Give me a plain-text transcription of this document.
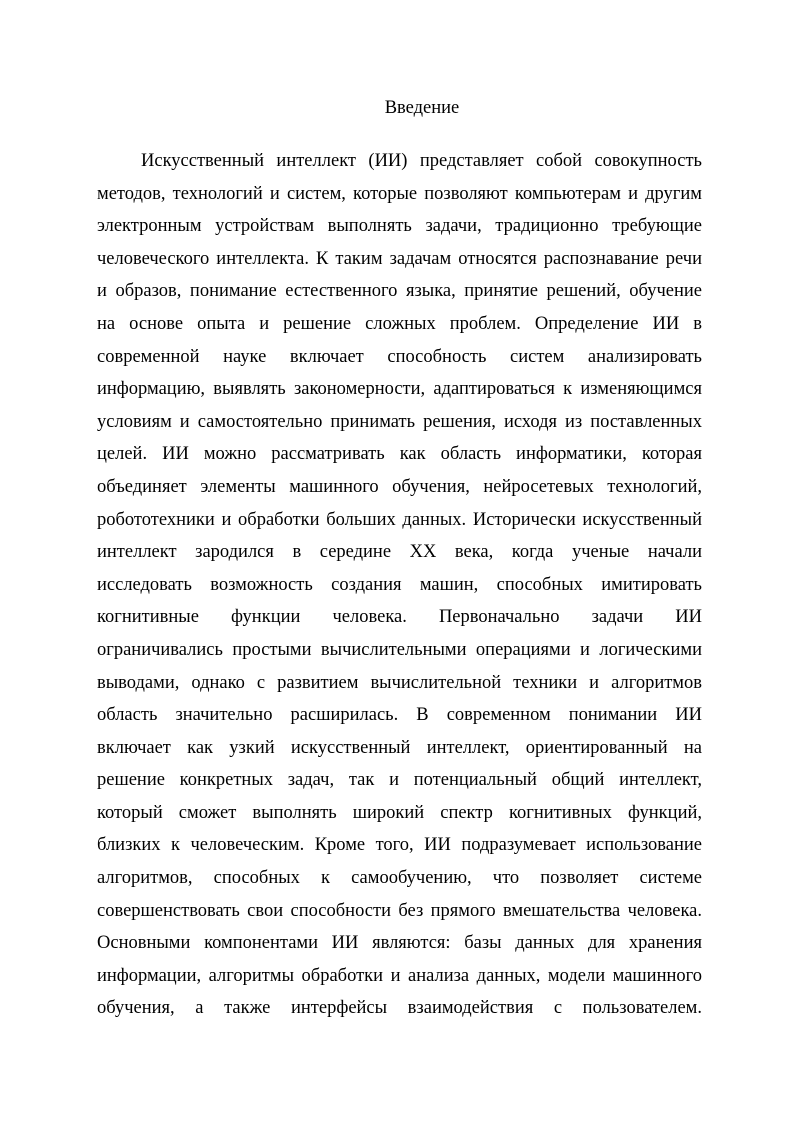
Введение
Искусственный интеллект (ИИ) представляет собой совокупность
методов, технологий и систем, которые позволяют компьютерам и другим
электронным устройствам выполнять задачи, традиционно требующие
человеческого интеллекта. К таким задачам относятся распознавание речи
и образов, понимание естественного языка, принятие решений, обучение
на основе опыта и решение сложных проблем. Определение ИИ в
современной науке включает способность систем анализировать
информацию, выявлять закономерности, адаптироваться к изменяющимся
условиям и самостоятельно принимать решения, исходя из поставленных
целей. ИИ можно рассматривать как область информатики, которая
объединяет элементы машинного обучения, нейросетевых технологий,
робототехники и обработки больших данных. Исторически искусственный
интеллект зародился в середине XX века, когда ученые начали
исследовать возможность создания машин, способных имитировать
когнитивные функции человека. Первоначально задачи ИИ
ограничивались простыми вычислительными операциями и логическими
выводами, однако с развитием вычислительной техники и алгоритмов
область значительно расширилась. В современном понимании ИИ
включает как узкий искусственный интеллект, ориентированный на
решение конкретных задач, так и потенциальный общий интеллект,
который сможет выполнять широкий спектр когнитивных функций,
близких к человеческим. Кроме того, ИИ подразумевает использование
алгоритмов, способных к самообучению, что позволяет системе
совершенствовать свои способности без прямого вмешательства человека.
Основными компонентами ИИ являются: базы данных для хранения
информации, алгоритмы обработки и анализа данных, модели машинного
обучения, а также интерфейсы взаимодействия с пользователем.
